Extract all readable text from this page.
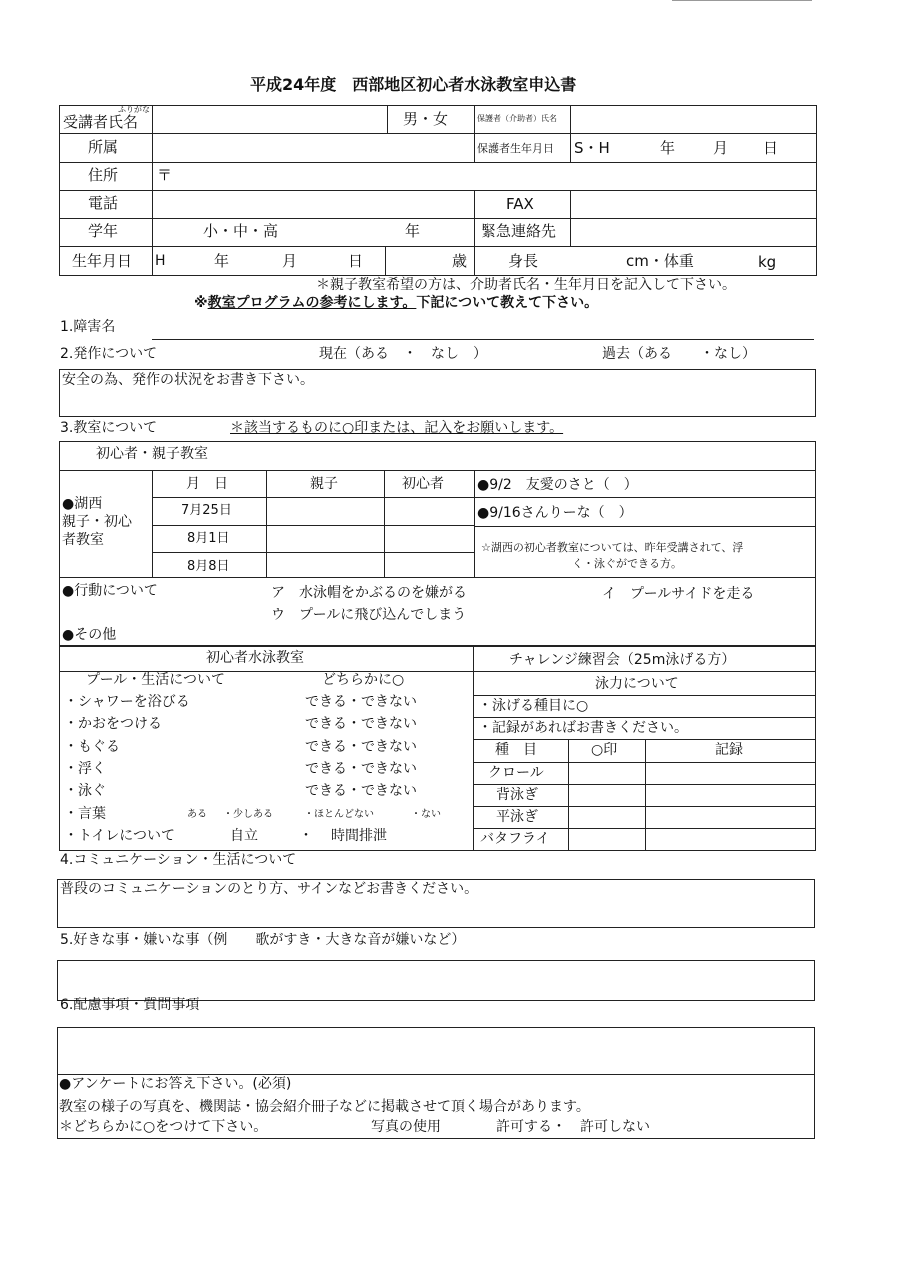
平成24年度　西部地区初心者水泳教室申込書
ふりがな
受講者氏名	男・女	保護者（介助者）氏名
所属	保護者生年月日 S・H	年	月 日
住所	〒
電話	FAX
学年	小・中・高	年	緊急連絡先
生年月日 H	年	月	日	歳	身長	cm・体重	kg
＊親子教室希望の方は、介助者氏名・生年月日を記入して下さい。
※教室プログラムの参考にします。下記について教えて下さい。
1.障害名
2.発作について	現在（ある　・　なし　）	過去（ある　　・なし）
安全の為、発作の状況をお書き下さい。
3.教室について	＊該当するものに○印または、記入をお願いします。
初心者・親子教室
●湖西
親子・初心
者教室
月　日	親子	初心者
7月25日
8月1日
8月8日
●9/2　友愛のさと（　）
●9/16さんりーな（　）
☆湖西の初心者教室については、昨年受講されて、浮
く・泳ぐができる方。
●行動について	ア　水泳帽をかぶるのを嫌がる	イ　プールサイドを走る
ウ　プールに飛び込んでしまう
●その他
初心者水泳教室	チャレンジ練習会（25m泳げる方）
プール・生活について	どちらかに○
・シャワーを浴びる	できる・できない
・かおをつける	できる・できない
・もぐる	できる・できない
・浮く	できる・できない
・泳ぐ	できる・できない
・言葉	ある ・少しある	・ほとんどない	・ない
・トイレについて	自立	・ 時間排泄
泳力について
・泳げる種目に○
・記録があればお書きください。
種　目	○印	記録
クロール
背泳ぎ
平泳ぎ
バタフライ
4.コミュニケーション・生活について
普段のコミュニケーションのとり方、サインなどお書きください。
5.好きな事・嫌いな事（例　　歌がすき・大きな音が嫌いなど）
6.配慮事項・質問事項
●アンケートにお答え下さい。(必須)
教室の様子の写真を、機関誌・協会紹介冊子などに掲載させて頂く場合があります。
＊どちらかに○をつけて下さい。	写真の使用	許可する・　許可しない
